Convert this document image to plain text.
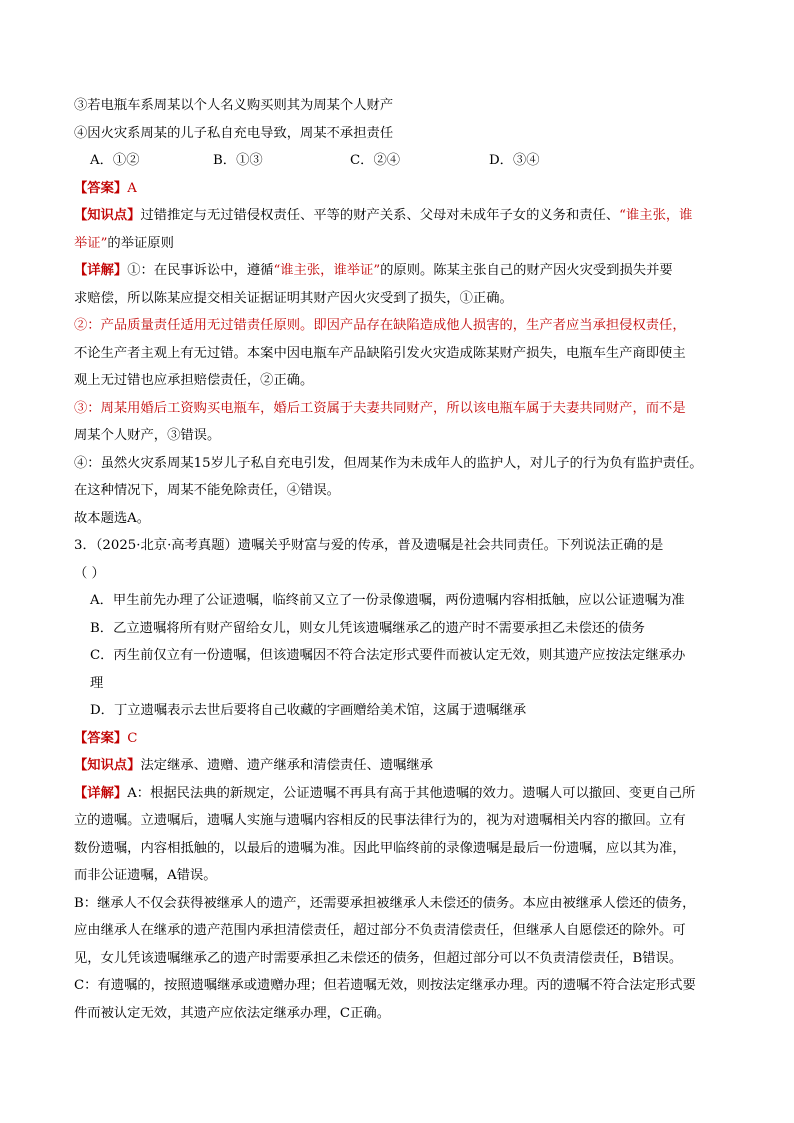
③若电瓶车系周某以个人名义购买则其为周某个人财产

④因火灾系周某的儿子私自充电导致，周某不承担责任

A．①②	B．①③	C．②④	D．③④

【答案】A

【知识点】过错推定与无过错侵权责任、平等的财产关系、父母对未成年子女的义务和责任、“谁主张，谁

举证”的举证原则

【详解】①：在民事诉讼中，遵循“谁主张，谁举证”的原则。陈某主张自己的财产因火灾受到损失并要

求赔偿，所以陈某应提交相关证据证明其财产因火灾受到了损失，①正确。

②：产品质量责任适用无过错责任原则。即因产品存在缺陷造成他人损害的，生产者应当承担侵权责任，

不论生产者主观上有无过错。本案中因电瓶车产品缺陷引发火灾造成陈某财产损失，电瓶车生产商即使主

观上无过错也应承担赔偿责任，②正确。

③：周某用婚后工资购买电瓶车，婚后工资属于夫妻共同财产，所以该电瓶车属于夫妻共同财产，而不是

周某个人财产，③错误。

④：虽然火灾系周某15岁儿子私自充电引发，但周某作为未成年人的监护人，对儿子的行为负有监护责任。

在这种情况下，周某不能免除责任，④错误。

故本题选A。

3．（2025·北京·高考真题）遗嘱关乎财富与爱的传承，普及遗嘱是社会共同责任。下列说法正确的是

（ ）

A．甲生前先办理了公证遗嘱，临终前又立了一份录像遗嘱，两份遗嘱内容相抵触，应以公证遗嘱为准

B．乙立遗嘱将所有财产留给女儿，则女儿凭该遗嘱继承乙的遗产时不需要承担乙未偿还的债务

C．丙生前仅立有一份遗嘱，但该遗嘱因不符合法定形式要件而被认定无效，则其遗产应按法定继承办

理

D．丁立遗嘱表示去世后要将自己收藏的字画赠给美术馆，这属于遗嘱继承

【答案】C

【知识点】法定继承、遗赠、遗产继承和清偿责任、遗嘱继承

【详解】A：根据民法典的新规定，公证遗嘱不再具有高于其他遗嘱的效力。遗嘱人可以撤回、变更自己所

立的遗嘱。立遗嘱后，遗嘱人实施与遗嘱内容相反的民事法律行为的，视为对遗嘱相关内容的撤回。立有

数份遗嘱，内容相抵触的，以最后的遗嘱为准。因此甲临终前的录像遗嘱是最后一份遗嘱，应以其为准，

而非公证遗嘱，A错误。

B：继承人不仅会获得被继承人的遗产，还需要承担被继承人未偿还的债务。本应由被继承人偿还的债务，

应由继承人在继承的遗产范围内承担清偿责任，超过部分不负责清偿责任，但继承人自愿偿还的除外。可

见，女儿凭该遗嘱继承乙的遗产时需要承担乙未偿还的债务，但超过部分可以不负责清偿责任，B错误。

C：有遗嘱的，按照遗嘱继承或遗赠办理；但若遗嘱无效，则按法定继承办理。丙的遗嘱不符合法定形式要

件而被认定无效，其遗产应依法定继承办理，C正确。
